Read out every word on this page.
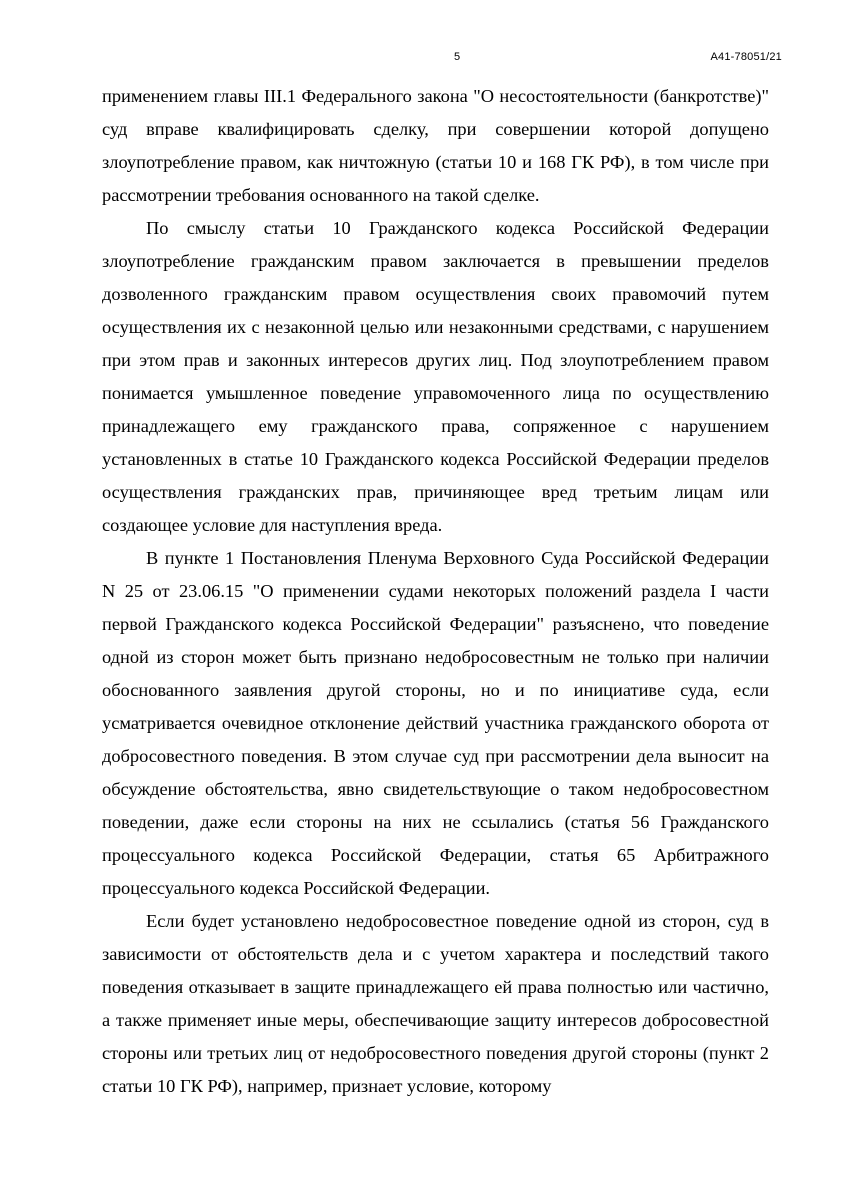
5	А41-78051/21

применением главы III.1 Федерального закона "О несостоятельности (банкротстве)" суд вправе квалифицировать сделку, при совершении которой допущено злоупотребление правом, как ничтожную (статьи 10 и 168 ГК РФ), в том числе при рассмотрении требования основанного на такой сделке.

По смыслу статьи 10 Гражданского кодекса Российской Федерации злоупотребление гражданским правом заключается в превышении пределов дозволенного гражданским правом осуществления своих правомочий путем осуществления их с незаконной целью или незаконными средствами, с нарушением при этом прав и законных интересов других лиц. Под злоупотреблением правом понимается умышленное поведение управомоченного лица по осуществлению принадлежащего ему гражданского права, сопряженное с нарушением установленных в статье 10 Гражданского кодекса Российской Федерации пределов осуществления гражданских прав, причиняющее вред третьим лицам или создающее условие для наступления вреда.

В пункте 1 Постановления Пленума Верховного Суда Российской Федерации N 25 от 23.06.15 "О применении судами некоторых положений раздела I части первой Гражданского кодекса Российской Федерации" разъяснено, что поведение одной из сторон может быть признано недобросовестным не только при наличии обоснованного заявления другой стороны, но и по инициативе суда, если усматривается очевидное отклонение действий участника гражданского оборота от добросовестного поведения. В этом случае суд при рассмотрении дела выносит на обсуждение обстоятельства, явно свидетельствующие о таком недобросовестном поведении, даже если стороны на них не ссылались (статья 56 Гражданского процессуального кодекса Российской Федерации, статья 65 Арбитражного процессуального кодекса Российской Федерации.

Если будет установлено недобросовестное поведение одной из сторон, суд в зависимости от обстоятельств дела и с учетом характера и последствий такого поведения отказывает в защите принадлежащего ей права полностью или частично, а также применяет иные меры, обеспечивающие защиту интересов добросовестной стороны или третьих лиц от недобросовестного поведения другой стороны (пункт 2 статьи 10 ГК РФ), например, признает условие, которому
